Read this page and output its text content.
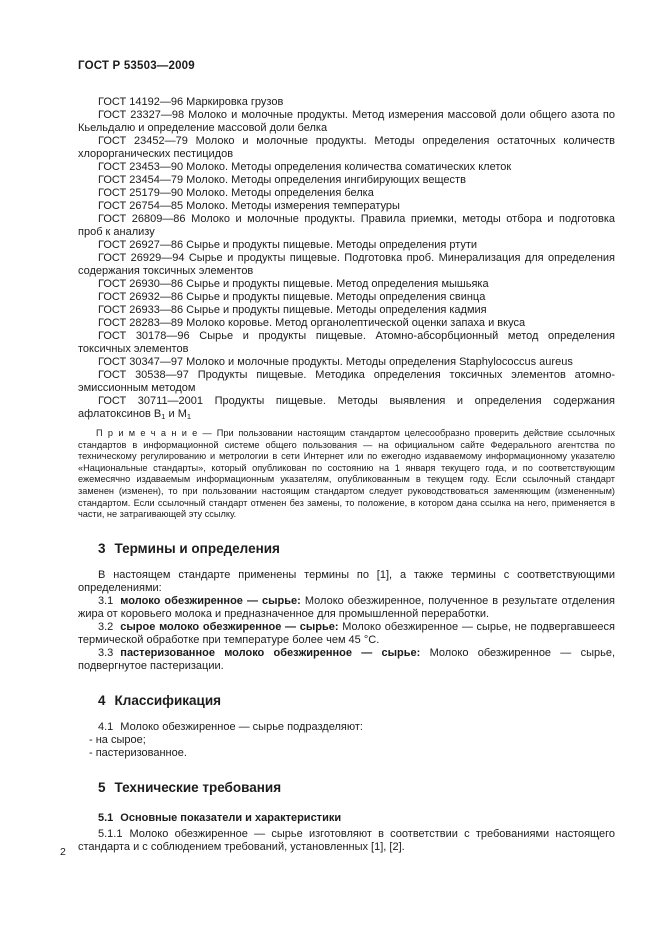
ГОСТ Р 53503—2009

ГОСТ 14192—96 Маркировка грузов

ГОСТ 23327—98 Молоко и молочные продукты. Метод измерения массовой доли общего азота по Кьельдалю и определение массовой доли белка

ГОСТ 23452—79 Молоко и молочные продукты. Методы определения остаточных количеств хлорорганических пестицидов

ГОСТ 23453—90 Молоко. Методы определения количества соматических клеток

ГОСТ 23454—79 Молоко. Методы определения ингибирующих веществ

ГОСТ 25179—90 Молоко. Методы определения белка

ГОСТ 26754—85 Молоко. Методы измерения температуры

ГОСТ 26809—86 Молоко и молочные продукты. Правила приемки, методы отбора и подготовка проб к анализу

ГОСТ 26927—86 Сырье и продукты пищевые. Методы определения ртути

ГОСТ 26929—94 Сырье и продукты пищевые. Подготовка проб. Минерализация для определения содержания токсичных элементов

ГОСТ 26930—86 Сырье и продукты пищевые. Метод определения мышьяка

ГОСТ 26932—86 Сырье и продукты пищевые. Методы определения свинца

ГОСТ 26933—86 Сырье и продукты пищевые. Методы определения кадмия

ГОСТ 28283—89 Молоко коровье. Метод органолептической оценки запаха и вкуса

ГОСТ 30178—96 Сырье и продукты пищевые. Атомно-абсорбционный метод определения токсичных элементов

ГОСТ 30347—97 Молоко и молочные продукты. Методы определения Staphylococcus aureus

ГОСТ 30538—97 Продукты пищевые. Методика определения токсичных элементов атомно-эмиссионным методом

ГОСТ 30711—2001 Продукты пищевые. Методы выявления и определения содержания афлатоксинов $В_1$ и $М_1$

П р и м е ч а н и е — При пользовании настоящим стандартом целесообразно проверить действие ссылочных стандартов в информационной системе общего пользования — на официальном сайте Федерального агентства по техническому регулированию и метрологии в сети Интернет или по ежегодно издаваемому информационному указателю «Национальные стандарты», который опубликован по состоянию на 1 января текущего года, и по соответствующим ежемесячно издаваемым информационным указателям, опубликованным в текущем году. Если ссылочный стандарт заменен (изменен), то при пользовании настоящим стандартом следует руководствоваться заменяющим (измененным) стандартом. Если ссылочный стандарт отменен без замены, то положение, в котором дана ссылка на него, применяется в части, не затрагивающей эту ссылку.

3 Термины и определения

В настоящем стандарте применены термины по [1], а также термины с соответствующими определениями:

3.1 молоко обезжиренное — сырье: Молоко обезжиренное, полученное в результате отделения жира от коровьего молока и предназначенное для промышленной переработки.

3.2 сырое молоко обезжиренное — сырье: Молоко обезжиренное — сырье, не подвергавшееся термической обработке при температуре более чем 45 °С.

3.3 пастеризованное молоко обезжиренное — сырье: Молоко обезжиренное — сырье, подвергнутое пастеризации.

4 Классификация

4.1 Молоко обезжиренное — сырье подразделяют:

- на сырое;

- пастеризованное.

5 Технические требования

5.1 Основные показатели и характеристики

5.1.1 Молоко обезжиренное — сырье изготовляют в соответствии с требованиями настоящего стандарта и с соблюдением требований, установленных [1], [2].

2
